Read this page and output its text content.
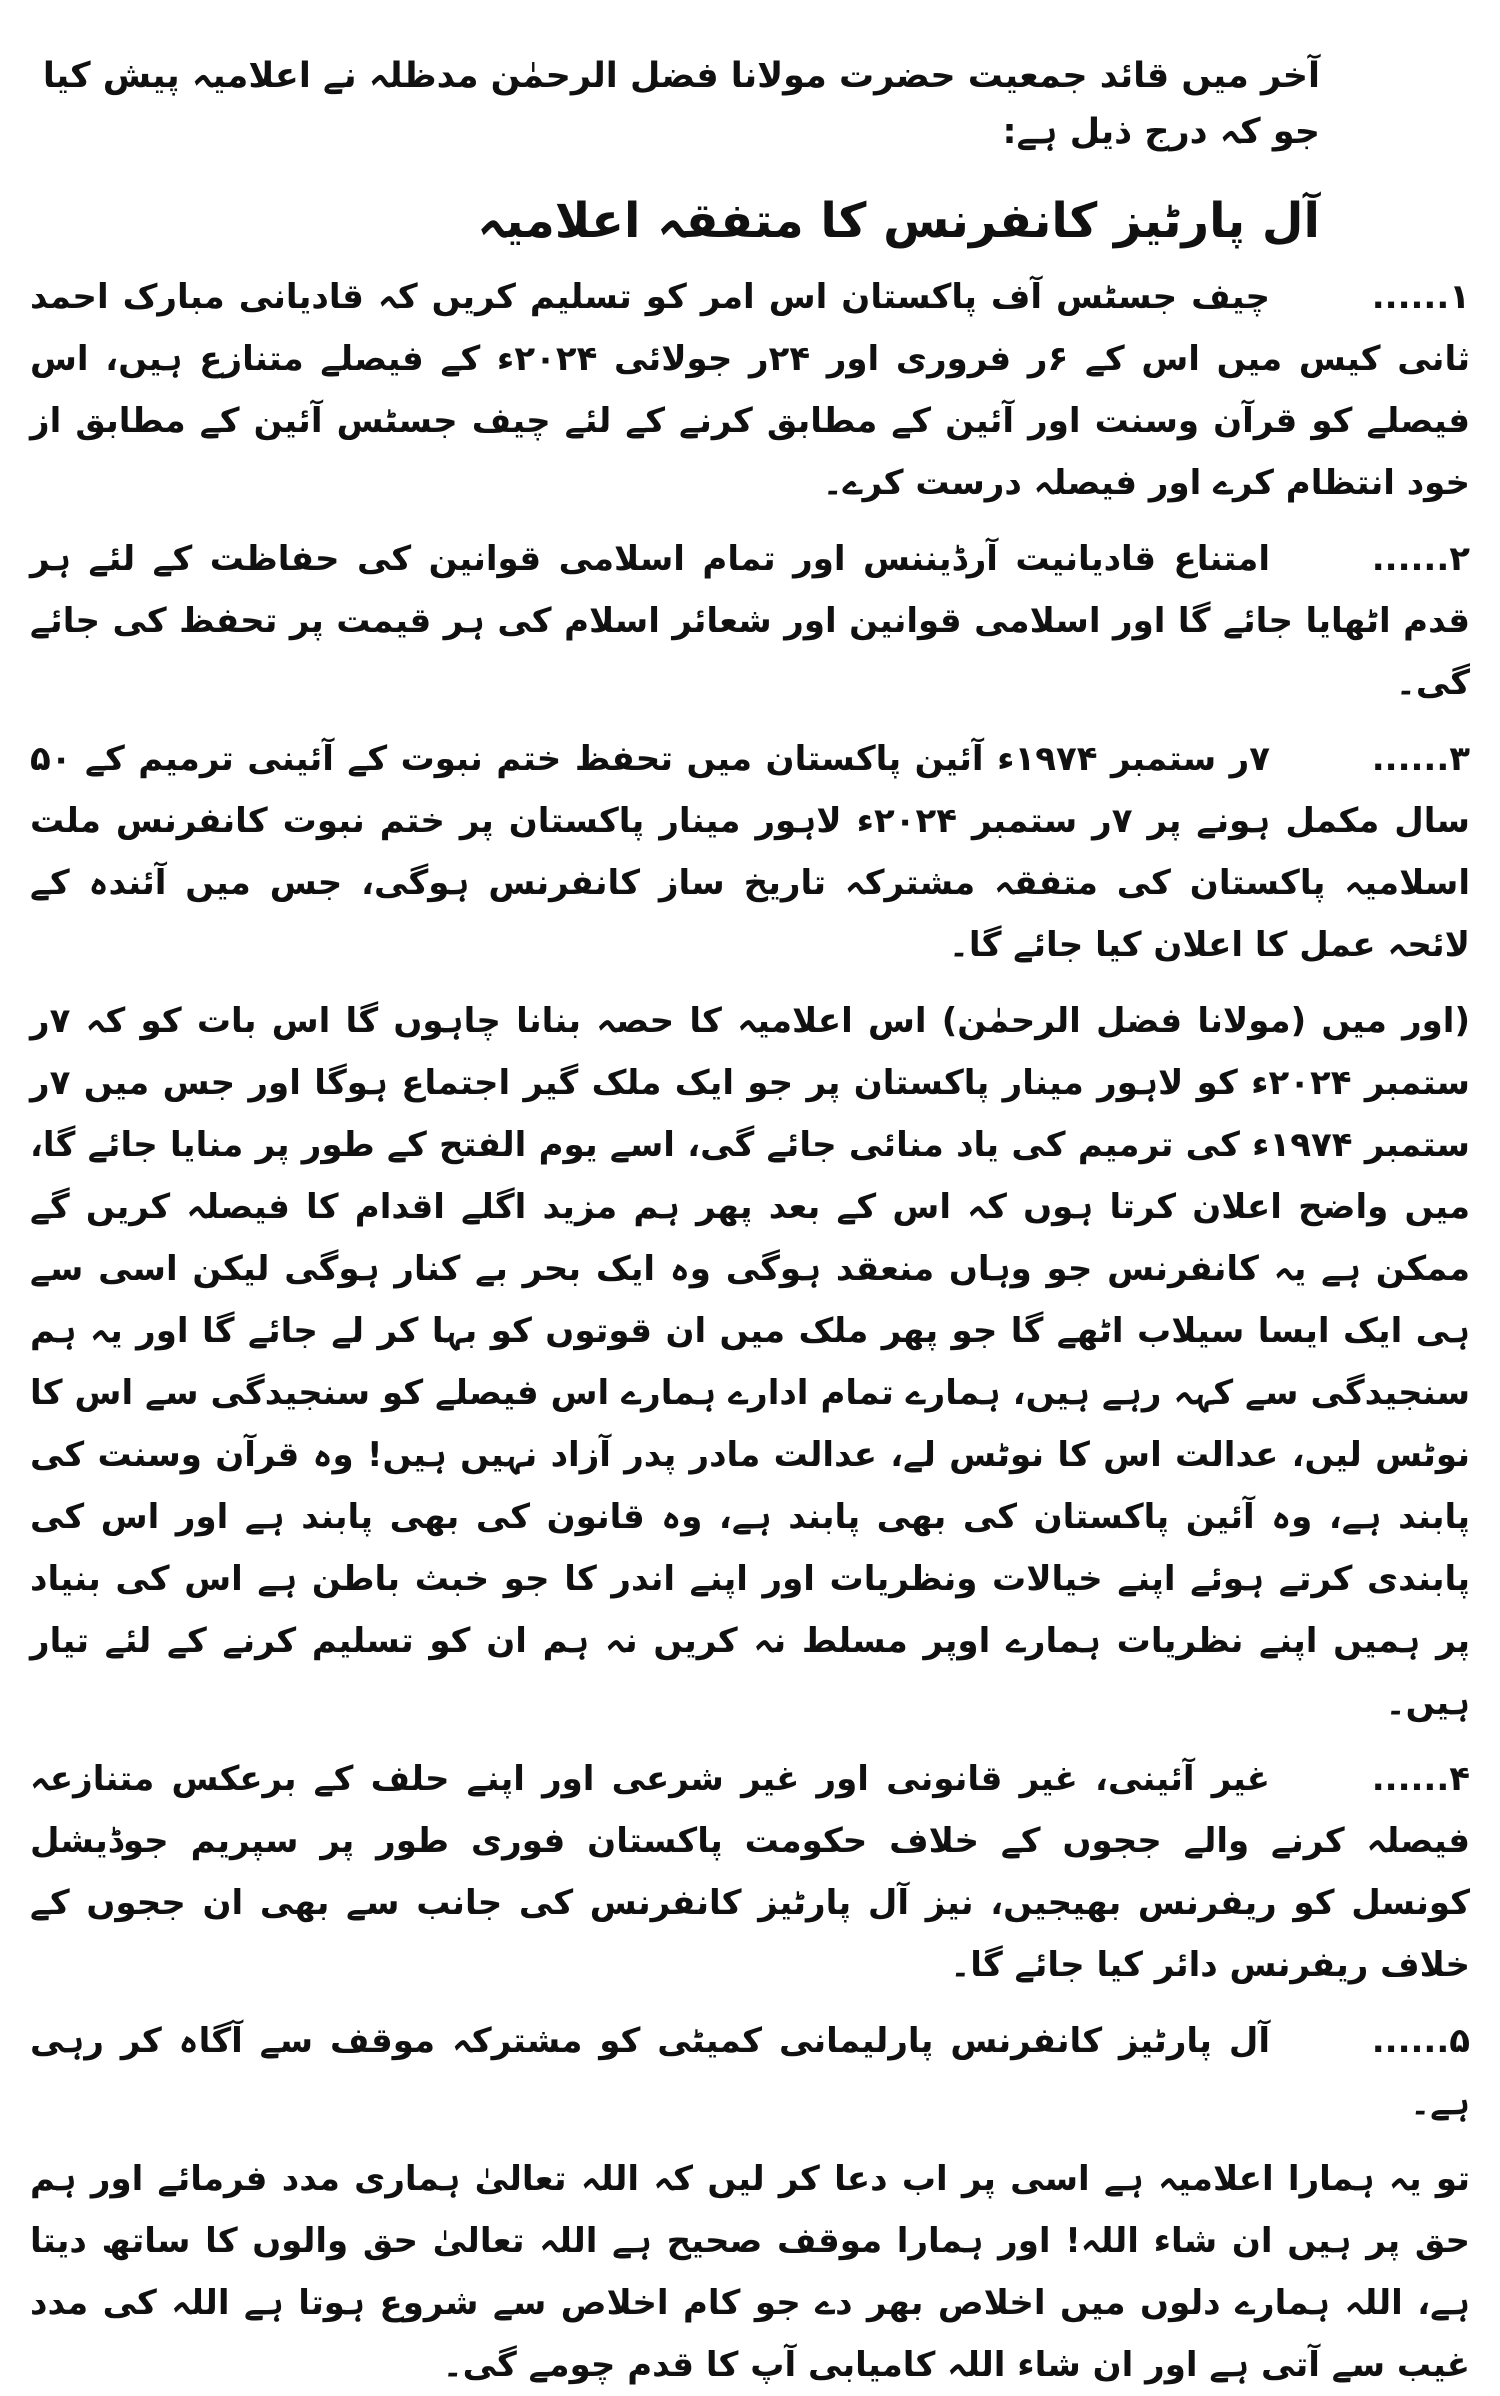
آخر میں قائد جمعیت حضرت مولانا فضل الرحمٰن مدظلہ نے اعلامیہ پیش کیا جو کہ درج ذیل ہے:
آل پارٹیز کانفرنس کا متفقہ اعلامیہ
۱......چیف جسٹس آف پاکستان اس امر کو تسلیم کریں کہ قادیانی مبارک احمد ثانی کیس میں اس کے ۶ر فروری اور ۲۴ر جولائی ۲۰۲۴ء کے فیصلے متنازع ہیں، اس فیصلے کو قرآن وسنت اور آئین کے مطابق کرنے کے لئے چیف جسٹس آئین کے مطابق از خود انتظام کرے اور فیصلہ درست کرے۔
۲......امتناع قادیانیت آرڈیننس اور تمام اسلامی قوانین کی حفاظت کے لئے ہر قدم اٹھایا جائے گا اور اسلامی قوانین اور شعائر اسلام کی ہر قیمت پر تحفظ کی جائے گی۔
۳......۷ر ستمبر ۱۹۷۴ء آئین پاکستان میں تحفظ ختم نبوت کے آئینی ترمیم کے ۵۰ سال مکمل ہونے پر ۷ر ستمبر ۲۰۲۴ء لاہور مینار پاکستان پر ختم نبوت کانفرنس ملت اسلامیہ پاکستان کی متفقہ مشترکہ تاریخ ساز کانفرنس ہوگی، جس میں آئندہ کے لائحہ عمل کا اعلان کیا جائے گا۔
(اور میں (مولانا فضل الرحمٰن) اس اعلامیہ کا حصہ بنانا چاہوں گا اس بات کو کہ ۷ر ستمبر ۲۰۲۴ء کو لاہور مینار پاکستان پر جو ایک ملک گیر اجتماع ہوگا اور جس میں ۷ر ستمبر ۱۹۷۴ء کی ترمیم کی یاد منائی جائے گی، اسے یوم الفتح کے طور پر منایا جائے گا، میں واضح اعلان کرتا ہوں کہ اس کے بعد پھر ہم مزید اگلے اقدام کا فیصلہ کریں گے ممکن ہے یہ کانفرنس جو وہاں منعقد ہوگی وہ ایک بحر بے کنار ہوگی لیکن اسی سے ہی ایک ایسا سیلاب اٹھے گا جو پھر ملک میں ان قوتوں کو بہا کر لے جائے گا اور یہ ہم سنجیدگی سے کہہ رہے ہیں، ہمارے تمام ادارے ہمارے اس فیصلے کو سنجیدگی سے اس کا نوٹس لیں، عدالت اس کا نوٹس لے، عدالت مادر پدر آزاد نہیں ہیں! وہ قرآن وسنت کی پابند ہے، وہ آئین پاکستان کی بھی پابند ہے، وہ قانون کی بھی پابند ہے اور اس کی پابندی کرتے ہوئے اپنے خیالات ونظریات اور اپنے اندر کا جو خبث باطن ہے اس کی بنیاد پر ہمیں اپنے نظریات ہمارے اوپر مسلط نہ کریں نہ ہم ان کو تسلیم کرنے کے لئے تیار ہیں۔
۴......غیر آئینی، غیر قانونی اور غیر شرعی اور اپنے حلف کے برعکس متنازعہ فیصلہ کرنے والے ججوں کے خلاف حکومت پاکستان فوری طور پر سپریم جوڈیشل کونسل کو ریفرنس بھیجیں، نیز آل پارٹیز کانفرنس کی جانب سے بھی ان ججوں کے خلاف ریفرنس دائر کیا جائے گا۔
۵......آل پارٹیز کانفرنس پارلیمانی کمیٹی کو مشترکہ موقف سے آگاہ کر رہی ہے۔
تو یہ ہمارا اعلامیہ ہے اسی پر اب دعا کر لیں کہ اللہ تعالیٰ ہماری مدد فرمائے اور ہم حق پر ہیں ان شاء اللہ! اور ہمارا موقف صحیح ہے اللہ تعالیٰ حق والوں کا ساتھ دیتا ہے، اللہ ہمارے دلوں میں اخلاص بھر دے جو کام اخلاص سے شروع ہوتا ہے اللہ کی مدد غیب سے آتی ہے اور ان شاء اللہ کامیابی آپ کا قدم چومے گی۔
